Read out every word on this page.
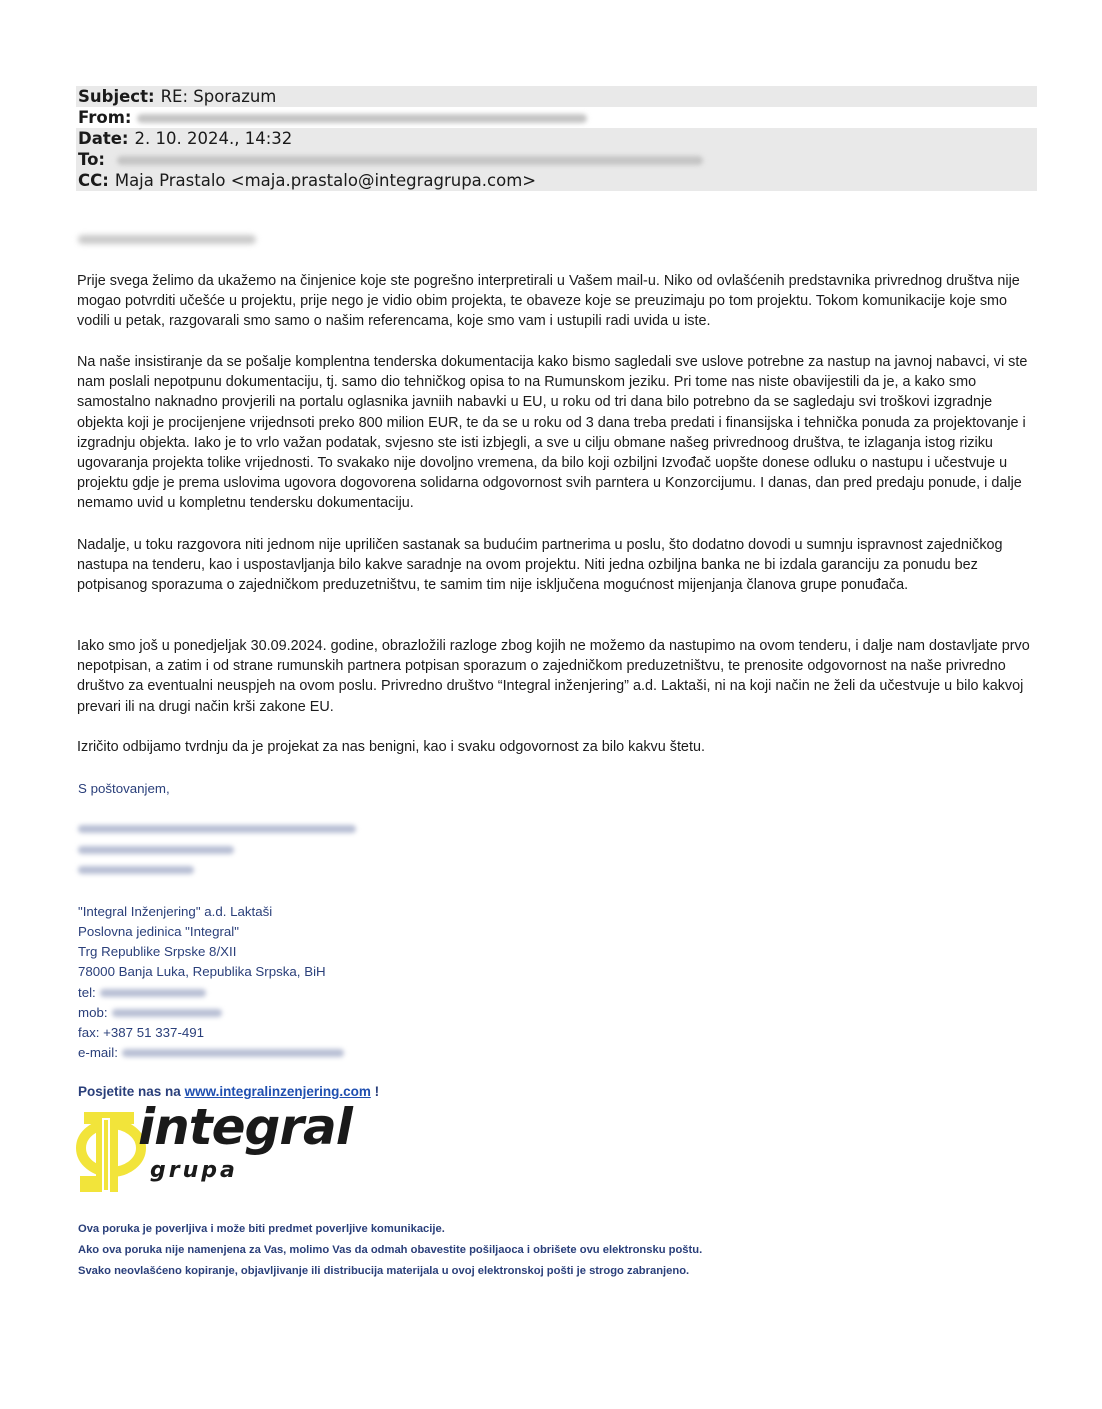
Subject: RE: Sporazum
From:
Date: 2. 10. 2024., 14:32
To:
CC: Maja Prastalo <maja.prastalo@integragrupa.com>

Prije svega želimo da ukažemo na činjenice koje ste pogrešno interpretirali u Vašem mail-u. Niko od ovlašćenih predstavnika privrednog društva nije mogao potvrditi učešće u projektu, prije nego je vidio obim projekta, te obaveze koje se preuzimaju po tom projektu. Tokom komunikacije koje smo vodili u petak, razgovarali smo samo o našim referencama, koje smo vam i ustupili radi uvida u iste.

Na naše insistiranje da se pošalje komplentna tenderska dokumentacija kako bismo sagledali sve uslove potrebne za nastup na javnoj nabavci, vi ste nam poslali nepotpunu dokumentaciju, tj. samo dio tehničkog opisa to na Rumunskom jeziku. Pri tome nas niste obavijestili da je, a kako smo samostalno naknadno provjerili na portalu oglasnika javniih nabavki u EU, u roku od tri dana bilo potrebno da se sagledaju svi troškovi izgradnje objekta koji je procijenjene vrijednsoti preko 800 milion EUR, te da se u roku od 3 dana treba predati i finansijska i tehnička ponuda za projektovanje i izgradnju objekta. Iako je to vrlo važan podatak, svjesno ste isti izbjegli, a sve u cilju obmane našeg privrednoog društva, te izlaganja istog riziku ugovaranja projekta tolike vrijednosti. To svakako nije dovoljno vremena, da bilo koji ozbiljni Izvođač uopšte donese odluku o nastupu i učestvuje u projektu gdje je prema uslovima ugovora dogovorena solidarna odgovornost svih parntera u Konzorcijumu. I danas, dan pred predaju ponude, i dalje nemamo uvid u kompletnu tendersku dokumentaciju.

Nadalje, u toku razgovora niti jednom nije upriličen sastanak sa budućim partnerima u poslu, što dodatno dovodi u sumnju ispravnost zajedničkog nastupa na tenderu, kao i uspostavljanja bilo kakve saradnje na ovom projektu. Niti jedna ozbiljna banka ne bi izdala garanciju za ponudu bez potpisanog sporazuma o zajedničkom preduzetništvu, te samim tim nije isključena mogućnost mijenjanja članova grupe ponuđača.

Iako smo još u ponedjeljak 30.09.2024. godine, obrazložili razloge zbog kojih ne možemo da nastupimo na ovom tenderu, i dalje nam dostavljate prvo nepotpisan, a zatim i od strane rumunskih partnera potpisan sporazum o zajedničkom preduzetništvu, te prenosite odgovornost na naše privredno društvo za eventualni neuspjeh na ovom poslu. Privredno društvo “Integral inženjering” a.d. Laktaši, ni na koji način ne želi da učestvuje u bilo kakvoj prevari ili na drugi način krši zakone EU.

Izričito odbijamo tvrdnju da je projekat za nas benigni, kao i svaku odgovornost za bilo kakvu štetu.

S poštovanjem,
"Integral Inženjering" a.d. Laktaši
Poslovna jedinica "Integral"
Trg Republike Srpske 8/XII
78000 Banja Luka, Republika Srpska, BiH
tel:
mob:
fax: +387 51 337-491
e-mail:
Posjetite nas na www.integralinzenjering.com !
integral
grupa
Ova poruka je poverljiva i može biti predmet poverljive komunikacije.
Ako ova poruka nije namenjena za Vas, molimo Vas da odmah obavestite pošiljaoca i obrišete ovu elektronsku poštu.
Svako neovlašćeno kopiranje, objavljivanje ili distribucija materijala u ovoj elektronskoj pošti je strogo zabranjeno.
